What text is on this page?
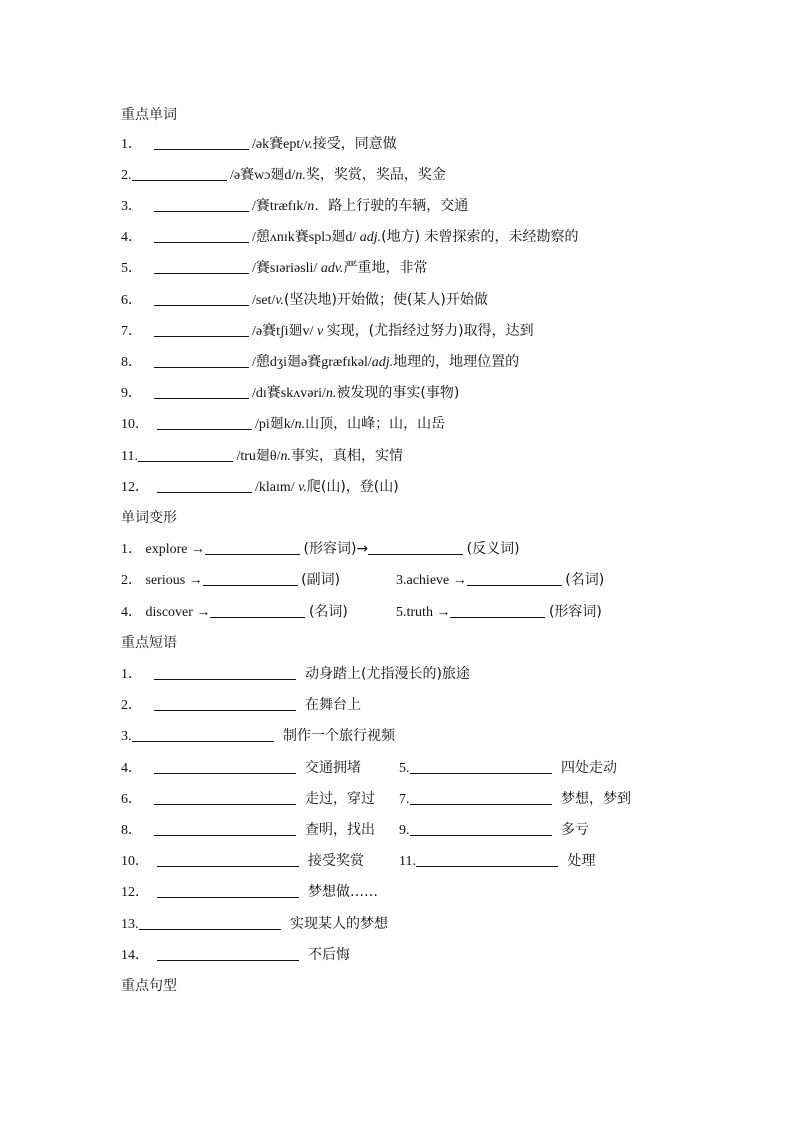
重点单词
1．	/ək賽ept/v.接受，同意做
2.	/ə賽wɔ廻d/n.奖，奖赏，奖品，奖金
3．	/賽træfɪk/n．路上行驶的车辆，交通
4．	/憩ʌnɪk賽splɔ廻d/ adj.(地方) 未曾探索的，未经勘察的
5．	/賽sɪəriəsli/ adv.严重地，非常
6．	/set/v.(坚决地)开始做；使(某人)开始做
7．	/ə賽tʃi廻v/ v 实现，(尤指经过努力)取得，达到
8．	/憩dʒi廻ə賽græfɪkəl/adj.地理的，地理位置的
9．	/dɪ賽skʌvəri/n.被发现的事实(事物)
10．	/pi廻k/n.山顶，山峰；山，山岳
11.	/tru廻θ/n.事实，真相，实情
12．	/klaɪm/ v.爬(山)，登(山)
单词变形
1． explore →	(形容词)→	(反义词)
2． serious →	(副词)	3.achieve →	(名词)
4． discover →	(名词)	5.truth →	(形容词)
重点短语
1．	动身踏上(尤指漫长的)旅途
2．	在舞台上
3.	制作一个旅行视频
4．	交通拥堵	5.	四处走动
6．	走过，穿过 7.	梦想，梦到
8．	查明，找出 9.	多亏
10．	接受奖赏	11.	处理
12．	梦想做……
13.	实现某人的梦想
14．	不后悔
重点句型
